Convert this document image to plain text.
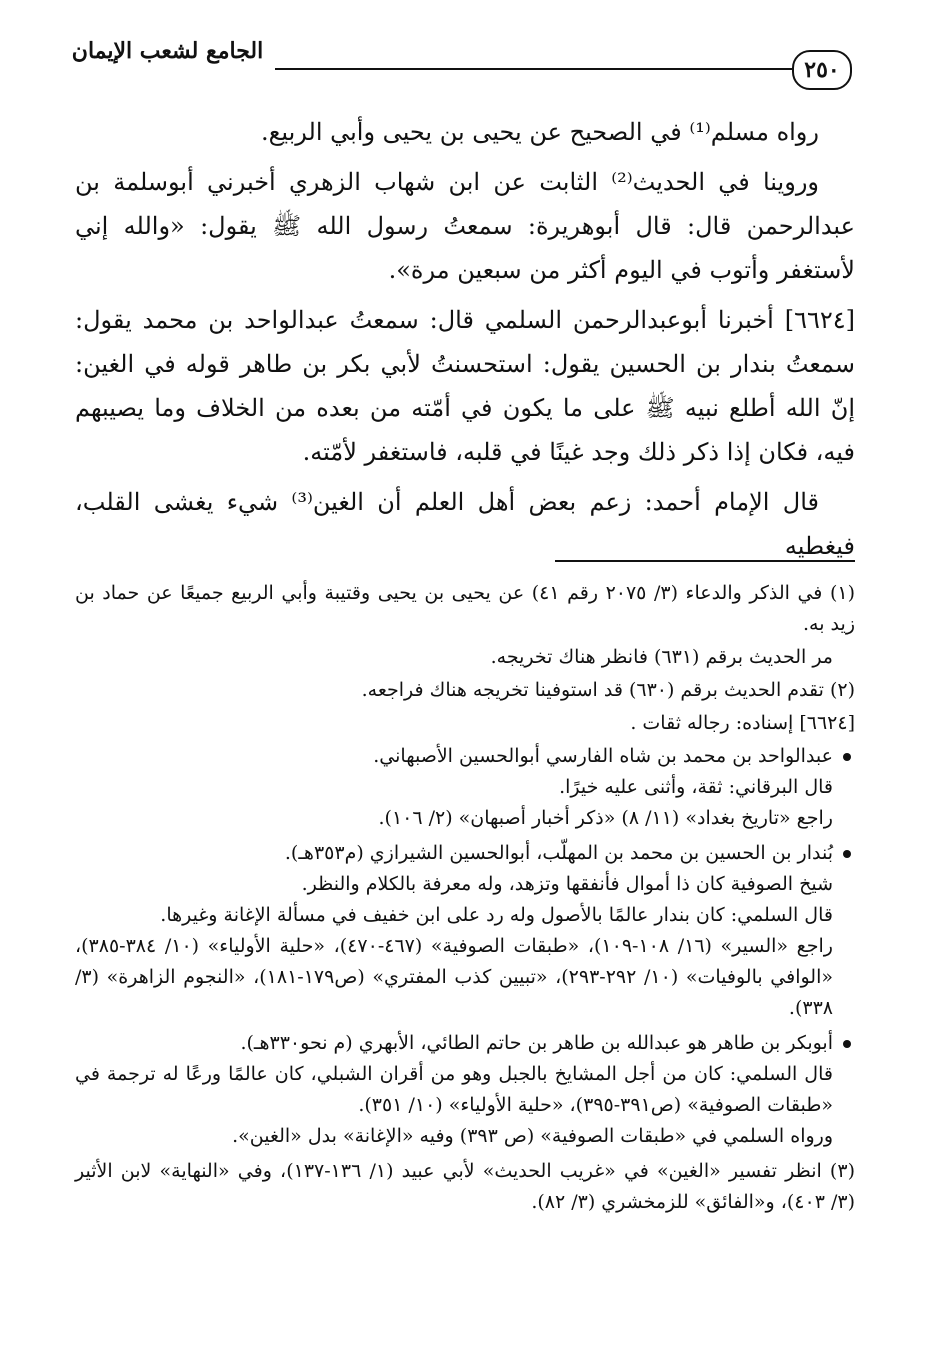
الجامع لشعب الإيمان
٢٥٠

رواه مسلم⁽¹⁾ في الصحيح عن يحيى بن يحيى وأبي الربيع.

وروينا في الحديث⁽²⁾ الثابت عن ابن شهاب الزهري أخبرني أبوسلمة بن عبدالرحمن قال: قال أبوهريرة: سمعتُ رسول الله ﷺ يقول: «والله إني لأستغفر وأتوب في اليوم أكثر من سبعين مرة».

[٦٦٢٤] أخبرنا أبوعبدالرحمن السلمي قال: سمعتُ عبدالواحد بن محمد يقول: سمعتُ بندار بن الحسين يقول: استحسنتُ لأبي بكر بن طاهر قوله في الغين: إنّ الله أطلع نبيه ﷺ على ما يكون في أمّته من بعده من الخلاف وما يصيبهم فيه، فكان إذا ذكر ذلك وجد غينًا في قلبه، فاستغفر لأمّته.

قال الإمام أحمد: زعم بعض أهل العلم أن الغين⁽³⁾ شيء يغشى القلب، فيغطيه

(١) في الذكر والدعاء (٣/ ٢٠٧٥ رقم ٤١) عن يحيى بن يحيى وقتيبة وأبي الربيع جميعًا عن حماد بن زيد به.

مر الحديث برقم (٦٣١) فانظر هناك تخريجه.

(٢) تقدم الحديث برقم (٦٣٠) قد استوفينا تخريجه هناك فراجعه.

[٦٦٢٤] إسناده: رجاله ثقات .

عبدالواحد بن محمد بن شاه الفارسي أبوالحسين الأصبهاني.

قال البرقاني: ثقة، وأثنى عليه خيرًا.

راجع «تاريخ بغداد» (١١/ ٨) «ذكر أخبار أصبهان» (٢/ ١٠٦).

بُندار بن الحسين بن محمد بن المهلّب، أبوالحسين الشيرازي (م٣٥٣هـ).

شيخ الصوفية كان ذا أموال فأنفقها وتزهد، وله معرفة بالكلام والنظر.

قال السلمي: كان بندار عالمًا بالأصول وله رد على ابن خفيف في مسألة الإغانة وغيرها.

راجع «السير» (١٦/ ١٠٨-١٠٩)، «طبقات الصوفية» (٤٦٧-٤٧٠)، «حلية الأولياء» (١٠/ ٣٨٤-٣٨٥)، «الوافي بالوفيات» (١٠/ ٢٩٢-٢٩٣)، «تبيين كذب المفتري» (ص١٧٩-١٨١)، «النجوم الزاهرة» (٣/ ٣٣٨).

أبوبكر بن طاهر هو عبدالله بن طاهر بن حاتم الطائي، الأبهري (م نحو٣٣٠هـ).

قال السلمي: كان من أجل المشايخ بالجبل وهو من أقران الشبلي، كان عالمًا ورعًا له ترجمة في «طبقات الصوفية» (ص٣٩١-٣٩٥)، «حلية الأولياء» (١٠/ ٣٥١).

ورواه السلمي في «طبقات الصوفية» (ص ٣٩٣) وفيه «الإغانة» بدل «الغين».

(٣) انظر تفسير «الغين» في «غريب الحديث» لأبي عبيد (١/ ١٣٦-١٣٧)، وفي «النهاية» لابن الأثير (٣/ ٤٠٣)، و«الفائق» للزمخشري (٣/ ٨٢).
